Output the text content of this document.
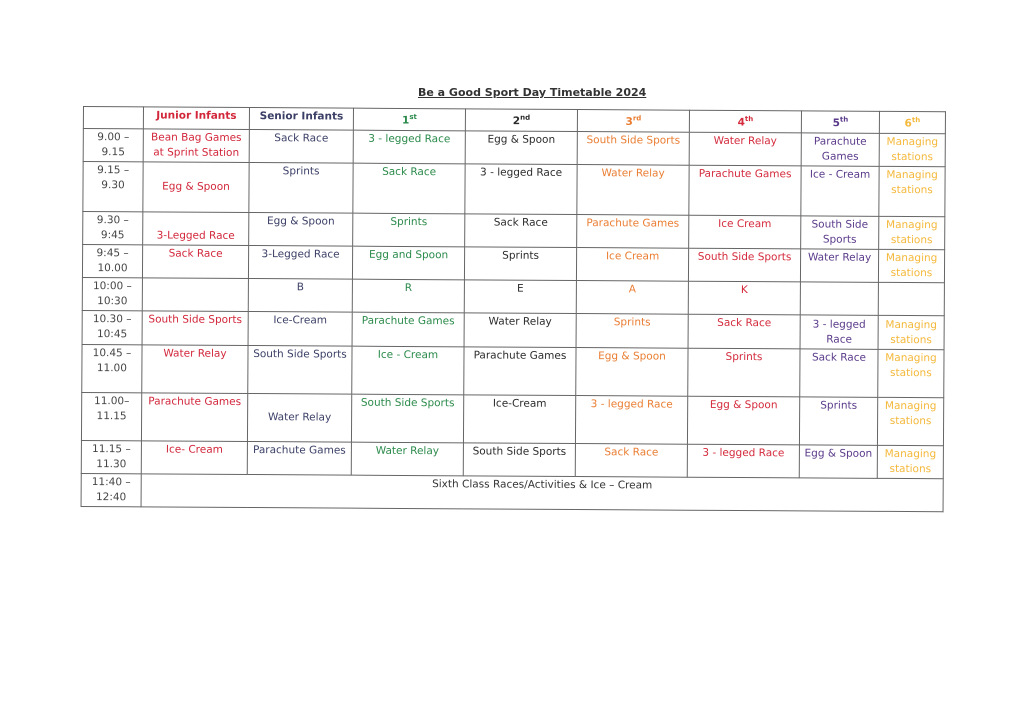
Be a Good Sport Day Timetable 2024
	Junior Infants	Senior Infants	1st	2nd	3rd	4th	5th	6th
9.00 – 9.15	Bean Bag Games at Sprint Station	Sack Race	3 - legged Race	Egg & Spoon	South Side Sports	Water Relay	Parachute Games	Managing stations
9.15 – 9.30	Egg & Spoon	Sprints	Sack Race	3 - legged Race	Water Relay	Parachute Games	Ice - Cream	Managing stations
9.30 – 9:45	3-Legged Race	Egg & Spoon	Sprints	Sack Race	Parachute Games	Ice Cream	South Side Sports	Managing stations
9:45 – 10.00	Sack Race	3-Legged Race	Egg and Spoon	Sprints	Ice Cream	South Side Sports	Water Relay	Managing stations
10:00 – 10:30		B	R	E	A	K		
10.30 – 10:45	South Side Sports	Ice-Cream	Parachute Games	Water Relay	Sprints	Sack Race	3 - legged Race	Managing stations
10.45 – 11.00	Water Relay	South Side Sports	Ice - Cream	Parachute Games	Egg & Spoon	Sprints	Sack Race	Managing stations
11.00– 11.15	Parachute Games	Water Relay	South Side Sports	Ice-Cream	3 - legged Race	Egg & Spoon	Sprints	Managing stations
11.15 – 11.30	Ice- Cream	Parachute Games	Water Relay	South Side Sports	Sack Race	3 - legged Race	Egg & Spoon	Managing stations
11:40 – 12:40	Sixth Class Races/Activities & Ice – Cream							
